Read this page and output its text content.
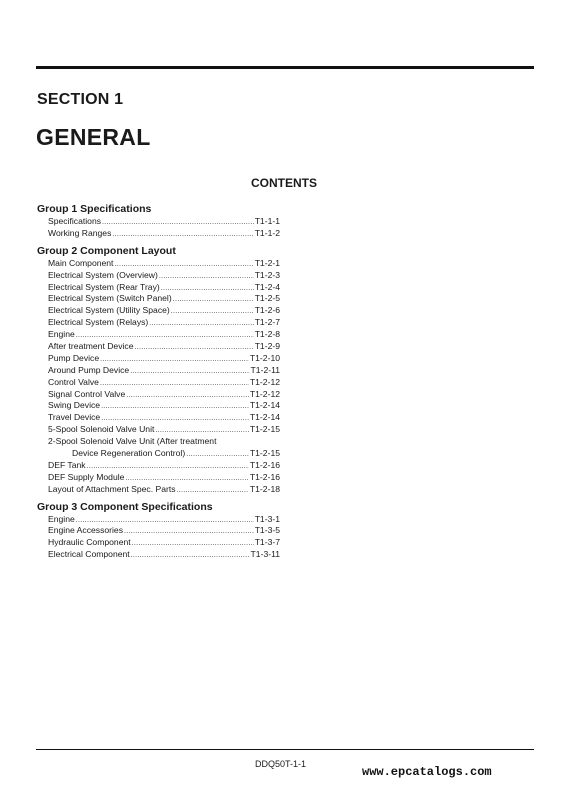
SECTION 1
GENERAL
CONTENTS
Group 1 Specifications
Specifications .....	T1-1-1
Working Ranges .....	T1-1-2
Group 2 Component Layout
Main Component .....	T1-2-1
Electrical System (Overview) .....	T1-2-3
Electrical System (Rear Tray) .....	T1-2-4
Electrical System (Switch Panel) .....	T1-2-5
Electrical System (Utility Space) .....	T1-2-6
Electrical System (Relays) .....	T1-2-7
Engine .....	T1-2-8
After treatment Device .....	T1-2-9
Pump Device .....	T1-2-10
Around Pump Device .....	T1-2-11
Control Valve .....	T1-2-12
Signal Control Valve .....	T1-2-12
Swing Device .....	T1-2-14
Travel Device .....	T1-2-14
5-Spool Solenoid Valve Unit .....	T1-2-15
2-Spool Solenoid Valve Unit (After treatment
Device Regeneration Control) .....	T1-2-15
DEF Tank .....	T1-2-16
DEF Supply Module .....	T1-2-16
Layout of Attachment Spec. Parts .....	T1-2-18
Group 3 Component Specifications
Engine .....	T1-3-1
Engine Accessories .....	T1-3-5
Hydraulic Component .....	T1-3-7
Electrical Component .....	T1-3-11
DDQ50T-1-1
www.epcatalogs.com
